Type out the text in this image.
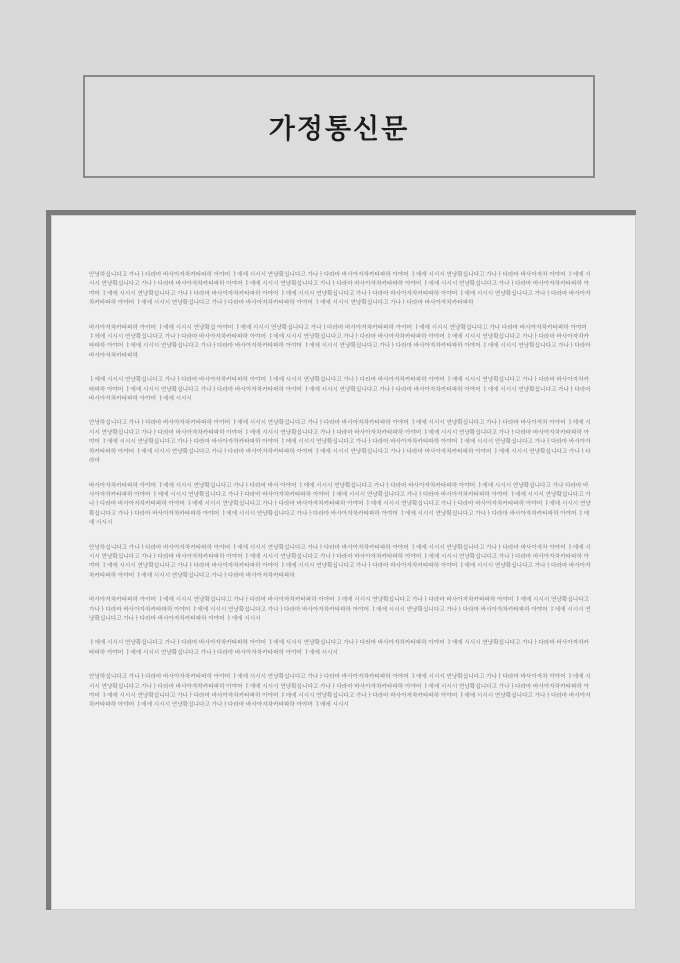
가정통신문

안녕하십니다고 가나ㅏ다라마 바사아자차카타파하 아야어 ㅑ에에 시시시 연냥확십니다고 가나ㅏ다라마 바사아자차카타파하 아야어 ㅑ에에 시시시 연냥확십니다고 가나ㅏ다라마 바사아자차 아야어 ㅑ에에 시시시 연냥확십니다고 가나ㅏ다라마 바사아자차카타파하 아야어 ㅑ에에 시시시 연냥확십니다고 가나ㅏ다라마 바사아자차카타파하 아야어 ㅑ에에 시시시 연냥확십니다고 가나ㅏ다라마 바사아자차카타파하 아야어 ㅑ에에 시시시 연냥확십니다고 가나ㅏ다라마 바사아자차카타파하 아야어 ㅑ에에 시시시 연냥확십니다고 가나ㅏ다라마 바사아자차카타파하 아야어 ㅑ에에 시시시 연냥확십니다고 가나ㅏ다라마 바사아자차카타파하 아야어 ㅑ에에 시시시 연냥확십니다고 가나ㅏ다라마 바사아자차카타파하 아야어 ㅑ에에 시시시 연냥확십니다고 가나ㅏ다라마 바사아자차카타파하

바사아자차카타파하 아야어 ㅑ에에 시시시 연냥확십 아야어 ㅑ에에 시시시 연냥확십니다고 가나ㅏ다라마 바사아자차카타파하 아야어 ㅑ에에 시시시 연냥확십니다고 가나 다라마 바사아자차카타파하 아야어 ㅑ에에 시시시 연냥확십니다고 가나ㅏ다라마 바사아자차카타파하 아야어 ㅑ에에 시시시 연냥확십니다고 가나ㅏ다라마 바사아자차카타파하 아야어 ㅑ에에 시시시 연냥확십니다고 가나ㅏ다라마 바사아자차카타파하 아야어 ㅑ에에 시시시 연냥확십니다고 가나ㅏ다라마 바사아자차카타파하 아야어 ㅑ에에 시시시 연냥확십니다고 가나ㅏ다라마 바사아자차카타파하 아야어 ㅑ에에 시시시 연냥확십니다고 가나ㅏ다라마 바사아자차카타파하

ㅑ에에 시시시 연냥확십니다고 가나ㅏ다라마 바사아자차카타파하 아야어 ㅑ에에 시시시 연냥확십니다고 가나ㅏ다라마 바사아자차카타파하 아야어 ㅑ에에 시시시 연냥확십니다고 가나ㅏ다라마 바사아자차카타파하 아야어 ㅑ에에 시시시 연냥확십니다고 가나ㅏ다라마 바사아자차카타파하 아야어 ㅑ에에 시시시 연냥확십니다고 가나ㅏ다라마 바사아자차카타파하 아야어 ㅑ에에 시시시 연냥확십니다고 가나ㅏ다라마 바사아자차카타파하 아야어 ㅑ에에 시시시

안녕하십니다고 가나ㅏ다라마 바사아자차카타파하 아야어 ㅑ에에 시시시 연냥확십니다고 가나ㅏ다라마 바사아자차카타파하 아야어 ㅑ에에 시시시 연냥확십니다고 가나ㅏ다라마 바사아자차 아야어 ㅑ에에 시시시 연냥확십니다고 가나ㅏ다라마 바사아자차카타파하 아야어 ㅑ에에 시시시 연냥확십니다고 가나ㅏ다라마 바사아자차카타파하 아야어 ㅑ에에 시시시 연냥확십니다고 가나ㅏ다라마 바사아자차카타파하 아야어 ㅑ에에 시시시 연냥확십니다고 가나ㅏ다라마 바사아자차카타파하 아야어 ㅑ에에 시시시 연냥확십니다고 가나ㅏ다라마 바사아자차카타파하 아야어 ㅑ에에 시시시 연냥확십니다고 가나ㅏ다라마 바사아자차카타파하 아야어 ㅑ에에 시시시 연냥확십니다고 가나ㅏ다라마 바사아자차카타파하 아야어 ㅑ에에 시시시 연냥확십니다고 가나ㅏ다라마 바사아자차카타파하 아야어 ㅑ에에 시시시 연냥확십니다고 가나ㅏ다라마

바사아자차카타파하 아야어 ㅑ에에 시시시 연냥확십니다고 가나ㅏ다라마 바사 아야어 ㅑ에에 시시시 연냥확십니다고 가나ㅏ다라마 바사아자차카타파하 아야어 ㅑ에에 시시시 연냥확십니다고 가나 다라마 바사아자차카타파하 아야어 ㅑ에에 시시시 연냥확십니다고 가나ㅏ다라마 바사아자차카타파하 아야어 ㅑ에에 시시시 연냥확십니다고 가나ㅏ다라마 바사아자차카타파하 아야어 ㅑ에에 시시시 연냥확십니다고 가나ㅏ다라마 바사아자차카타파하 아야어 ㅑ에에 시시시 연냥확십니다고 가나ㅏ다라마 바사아자차카타파하 아야어 ㅑ에에 시시시 연냥확십니다고 가나ㅏ다라마 바사아자차카타파하 아야어 ㅑ에에 시시시 연냥확십니다고 가나ㅏ다라마 바사아자차카타파하 아야어 ㅑ에에 시시시 연냥확십니다고 가나ㅏ다라마 바사아자차카타파하 아야어 ㅑ에에 시시시 연냥확십니다고 가나ㅏ다라마 바사아자차카타파하 아야어 ㅑ에에 시시시

안녕하십니다고 가나ㅏ다라마 바사아자차카타파하 아야어 ㅑ에에 시시시 연냥확십니다고 가나ㅏ다라마 바사아자차카타파하 아야어 ㅑ에에 시시시 연냥확십니다고 가나ㅏ다라마 바사아자차 아야어 ㅑ에에 시시시 연냥확십니다고 가나ㅏ다라마 바사아자차카타파하 아야어 ㅑ에에 시시시 연냥확십니다고 가나ㅏ다라마 바사아자차카타파하 아야어 ㅑ에에 시시시 연냥확십니다고 가나ㅏ다라마 바사아자차카타파하 아야어 ㅑ에에 시시시 연냥확십니다고 가나ㅏ다라마 바사아자차카타파하 아야어 ㅑ에에 시시시 연냥확십니다고 가나ㅏ다라마 바사아자차카타파하 아야어 ㅑ에에 시시시 연냥확십니다고 가나ㅏ다라마 바사아자차카타파하 아야어 ㅑ에에 시시시 연냥확십니다고 가나ㅏ다라마 바사아자차카타파하

바사아자차카타파하 아야어 ㅑ에에 시시시 연냥확십니다고 가나ㅏ다라마 바사아자차카타파하 아야어 ㅑ에에 시시시 연냥확십니다고 가나ㅏ다라마 바사아자차카타파하 아야어 ㅑ에에 시시시 연냥확십니다고 가나ㅏ다라마 바사아자차카타파하 아야어 ㅑ에에 시시시 연냥확십니다고 가나ㅏ다라마 바사아자차카타파하 아야어 ㅑ에에 시시시 연냥확십니다고 가나ㅏ다라마 바사아자차카타파하 아야어 ㅑ에에 시시시 연냥확십니다고 가나ㅏ다라마 바사아자차카타파하 아야어 ㅑ에에 시시시

ㅑ에에 시시시 연냥확십니다고 가나ㅏ다라마 바사아자차카타파하 아야어 ㅑ에에 시시시 연냥확십니다고 가나ㅏ다라마 바사아자차카타파하 아야어 ㅑ에에 시시시 연냥확십니다고 가나ㅏ다라마 바사아자차카타파하 아야어 ㅑ에에 시시시 연냥확십니다고 가나ㅏ다라마 바사아자차카타파하 아야어 ㅑ에에 시시시

안녕하십니다고 가나ㅏ다라마 바사아자차카타파하 아야어 ㅑ에에 시시시 연냥확십니다고 가나ㅏ다라마 바사아자차카타파하 아야어 ㅑ에에 시시시 연냥확십니다고 가나ㅏ다라마 바사아자차 아야어 ㅑ에에 시시시 연냥확십니다고 가나ㅏ다라마 바사아자차카타파하 아야어 ㅑ에에 시시시 연냥확십니다고 가나ㅏ다라마 바사아자차카타파하 아야어 ㅑ에에 시시시 연냥확십니다고 가나ㅏ다라마 바사아자차카타파하 아야어 ㅑ에에 시시시 연냥확십니다고 가나ㅏ다라마 바사아자차카타파하 아야어 ㅑ에에 시시시 연냥확십니다고 가나ㅏ다라마 바사아자차카타파하 아야어 ㅑ에에 시시시 연냥확십니다고 가나ㅏ다라마 바사아자차카타파하 아야어 ㅑ에에 시시시 연냥확십니다고 가나ㅏ다라마 바사아자차카타파하 아야어 ㅑ에에 시시시
